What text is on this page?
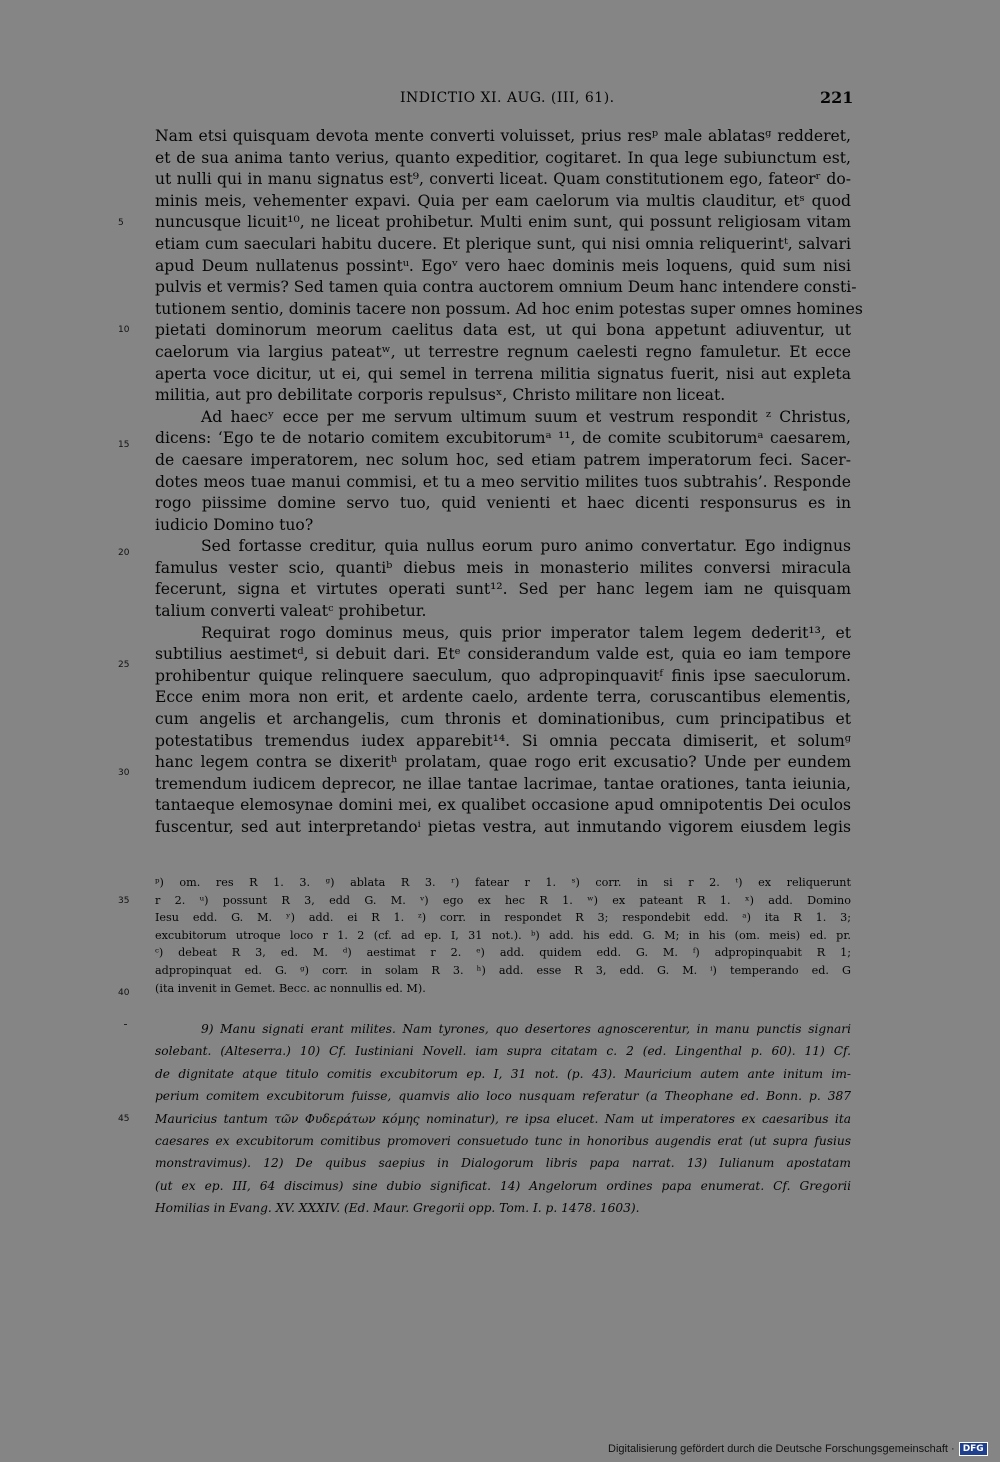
INDICTIO XI. AUG. (III, 61).	221
5
10
15
20
25
30
Nam etsi quisquam devota mente converti voluisset, prius resᵖ male ablatasᵍ redderet,
et de sua anima tanto verius, quanto expeditior, cogitaret. In qua lege subiunctum est,
ut nulli qui in manu signatus est⁹, converti liceat. Quam constitutionem ego, fateorʳ do-
minis meis, vehementer expavi. Quia per eam caelorum via multis clauditur, etˢ quod
nuncusque licuit¹⁰, ne liceat prohibetur. Multi enim sunt, qui possunt religiosam vitam
etiam cum saeculari habitu ducere. Et plerique sunt, qui nisi omnia reliquerintᵗ, salvari
apud Deum nullatenus possintᵘ. Egoᵛ vero haec dominis meis loquens, quid sum nisi
pulvis et vermis? Sed tamen quia contra auctorem omnium Deum hanc intendere consti-
tutionem sentio, dominis tacere non possum. Ad hoc enim potestas super omnes homines
pietati dominorum meorum caelitus data est, ut qui bona appetunt adiuventur, ut
caelorum via largius pateatʷ, ut terrestre regnum caelesti regno famuletur. Et ecce
aperta voce dicitur, ut ei, qui semel in terrena militia signatus fuerit, nisi aut expleta
militia, aut pro debilitate corporis repulsusˣ, Christo militare non liceat.
Ad haecʸ ecce per me servum ultimum suum et vestrum respondit ᶻ Christus,
dicens: ‘Ego te de notario comitem excubitorumᵃ ¹¹, de comite scubitorumᵃ caesarem,
de caesare imperatorem, nec solum hoc, sed etiam patrem imperatorum feci. Sacer-
dotes meos tuae manui commisi, et tu a meo servitio milites tuos subtrahis’. Responde
rogo piissime domine servo tuo, quid venienti et haec dicenti responsurus es in
iudicio Domino tuo?
Sed fortasse creditur, quia nullus eorum puro animo convertatur. Ego indignus
famulus vester scio, quantiᵇ diebus meis in monasterio milites conversi miracula
fecerunt, signa et virtutes operati sunt¹². Sed per hanc legem iam ne quisquam
talium converti valeatᶜ prohibetur.
Requirat rogo dominus meus, quis prior imperator talem legem dederit¹³, et
subtilius aestimetᵈ, si debuit dari. Etᵉ considerandum valde est, quia eo iam tempore
prohibentur quique relinquere saeculum, quo adpropinquavitᶠ finis ipse saeculorum.
Ecce enim mora non erit, et ardente caelo, ardente terra, coruscantibus elementis,
cum angelis et archangelis, cum thronis et dominationibus, cum principatibus et
potestatibus tremendus iudex apparebit¹⁴. Si omnia peccata dimiserit, et solumᵍ
hanc legem contra se dixeritʰ prolatam, quae rogo erit excusatio? Unde per eundem
tremendum iudicem deprecor, ne illae tantae lacrimae, tantae orationes, tanta ieiunia,
tantaeque elemosynae domini mei, ex qualibet occasione apud omnipotentis Dei oculos
fuscentur, sed aut interpretandoⁱ pietas vestra, aut inmutando vigorem eiusdem legis
35
40
ᵖ) om. res R 1. 3. ᵍ) ablata R 3. ʳ) fatear r 1. ˢ) corr. in si r 2. ᵗ) ex reliquerunt
r 2. ᵘ) possunt R 3, edd G. M. ᵛ) ego ex hec R 1. ʷ) ex pateant R 1. ˣ) add. Domino
Iesu edd. G. M. ʸ) add. ei R 1. ᶻ) corr. in respondet R 3; respondebit edd. ᵃ) ita R 1. 3;
excubitorum utroque loco r 1. 2 (cf. ad ep. I, 31 not.). ᵇ) add. his edd. G. M; in his (om. meis) ed. pr.
ᶜ) debeat R 3, ed. M. ᵈ) aestimat r 2. ᵉ) add. quidem edd. G. M. ᶠ) adpropinquabit R 1;
adpropinquat ed. G. ᵍ) corr. in solam R 3. ʰ) add. esse R 3, edd. G. M. ⁱ) temperando ed. G
(ita invenit in Gemet. Becc. ac nonnullis ed. M).
45
9) Manu signati erant milites. Nam tyrones, quo desertores agnoscerentur, in manu punctis signari
solebant. (Alteserra.) 10) Cf. Iustiniani Novell. iam supra citatam c. 2 (ed. Lingenthal p. 60). 11) Cf.
de dignitate atque titulo comitis excubitorum ep. I, 31 not. (p. 43). Mauricium autem ante initum im-
perium comitem excubitorum fuisse, quamvis alio loco nusquam referatur (a Theophane ed. Bonn. p. 387
Mauricius tantum τῶν Φυδεράτων κόμης nominatur), re ipsa elucet. Nam ut imperatores ex caesaribus ita
caesares ex excubitorum comitibus promoveri consuetudo tunc in honoribus augendis erat (ut supra fusius
monstravimus). 12) De quibus saepius in Dialogorum libris papa narrat. 13) Iulianum apostatam
(ut ex ep. III, 64 discimus) sine dubio significat. 14) Angelorum ordines papa enumerat. Cf. Gregorii
Homilias in Evang. XV. XXXIV. (Ed. Maur. Gregorii opp. Tom. I. p. 1478. 1603).
Digitalisierung gefördert durch die Deutsche Forschungsgemeinschaft · DFG
